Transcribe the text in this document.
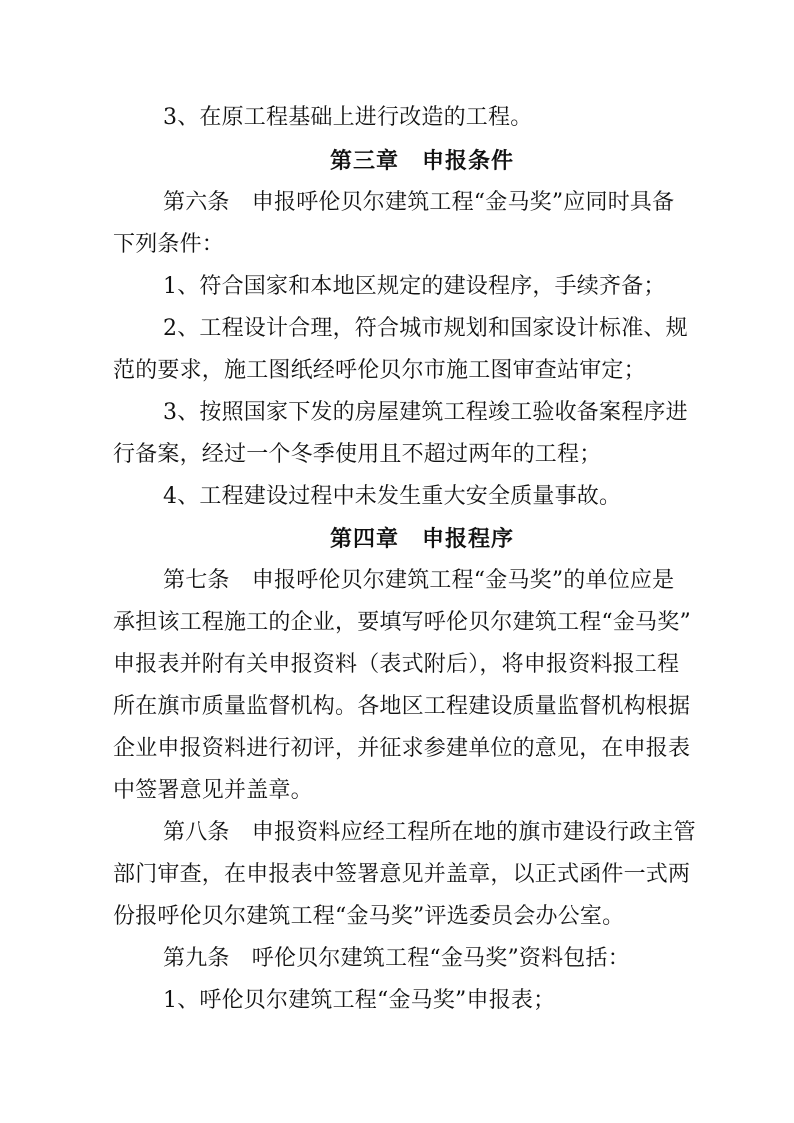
3、在原工程基础上进行改造的工程。
第三章　申报条件
第六条　申报呼伦贝尔建筑工程“金马奖”应同时具备
下列条件：
1、符合国家和本地区规定的建设程序，手续齐备；
2、工程设计合理，符合城市规划和国家设计标准、规
范的要求，施工图纸经呼伦贝尔市施工图审查站审定；
3、按照国家下发的房屋建筑工程竣工验收备案程序进
行备案，经过一个冬季使用且不超过两年的工程；
4、工程建设过程中未发生重大安全质量事故。
第四章　申报程序
第七条　申报呼伦贝尔建筑工程“金马奖”的单位应是
承担该工程施工的企业，要填写呼伦贝尔建筑工程“金马奖”
申报表并附有关申报资料（表式附后），将申报资料报工程
所在旗市质量监督机构。各地区工程建设质量监督机构根据
企业申报资料进行初评，并征求参建单位的意见，在申报表
中签署意见并盖章。
第八条　申报资料应经工程所在地的旗市建设行政主管
部门审查，在申报表中签署意见并盖章，以正式函件一式两
份报呼伦贝尔建筑工程“金马奖”评选委员会办公室。
第九条　呼伦贝尔建筑工程“金马奖”资料包括：
1、呼伦贝尔建筑工程“金马奖”申报表；
